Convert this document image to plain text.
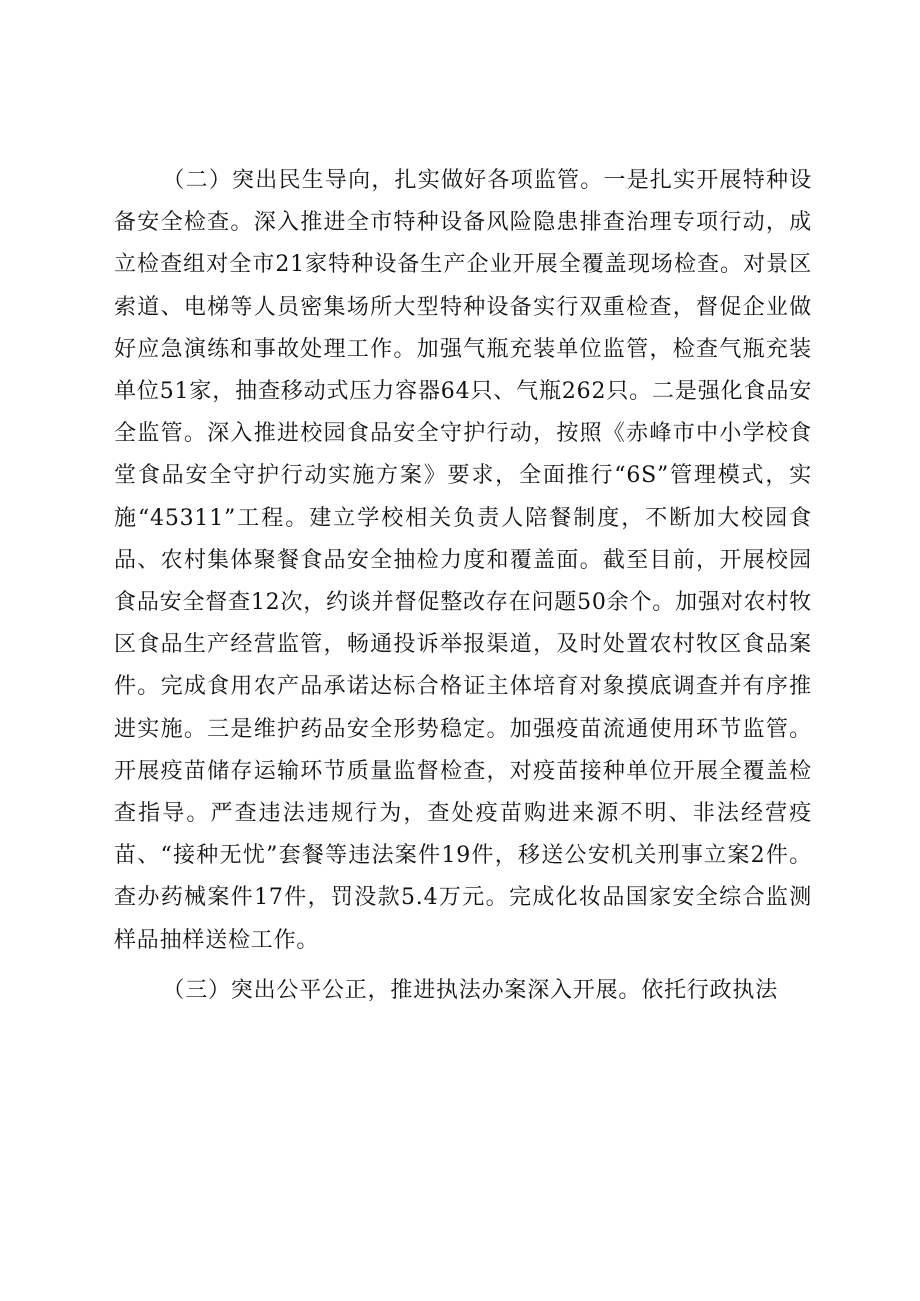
（二）突出民生导向，扎实做好各项监管。一是扎实开展特种设备安全检查。深入推进全市特种设备风险隐患排查治理专项行动，成立检查组对全市21家特种设备生产企业开展全覆盖现场检查。对景区索道、电梯等人员密集场所大型特种设备实行双重检查，督促企业做好应急演练和事故处理工作。加强气瓶充装单位监管，检查气瓶充装单位51家，抽查移动式压力容器64只、气瓶262只。二是强化食品安全监管。深入推进校园食品安全守护行动，按照《赤峰市中小学校食堂食品安全守护行动实施方案》要求，全面推行“6S”管理模式，实施“45311”工程。建立学校相关负责人陪餐制度，不断加大校园食品、农村集体聚餐食品安全抽检力度和覆盖面。截至目前，开展校园食品安全督查12次，约谈并督促整改存在问题50余个。加强对农村牧区食品生产经营监管，畅通投诉举报渠道，及时处置农村牧区食品案件。完成食用农产品承诺达标合格证主体培育对象摸底调查并有序推进实施。三是维护药品安全形势稳定。加强疫苗流通使用环节监管。开展疫苗储存运输环节质量监督检查，对疫苗接种单位开展全覆盖检查指导。严查违法违规行为，查处疫苗购进来源不明、非法经营疫苗、“接种无忧”套餐等违法案件19件，移送公安机关刑事立案2件。查办药械案件17件，罚没款5.4万元。完成化妆品国家安全综合监测样品抽样送检工作。

（三）突出公平公正，推进执法办案深入开展。依托行政执法
